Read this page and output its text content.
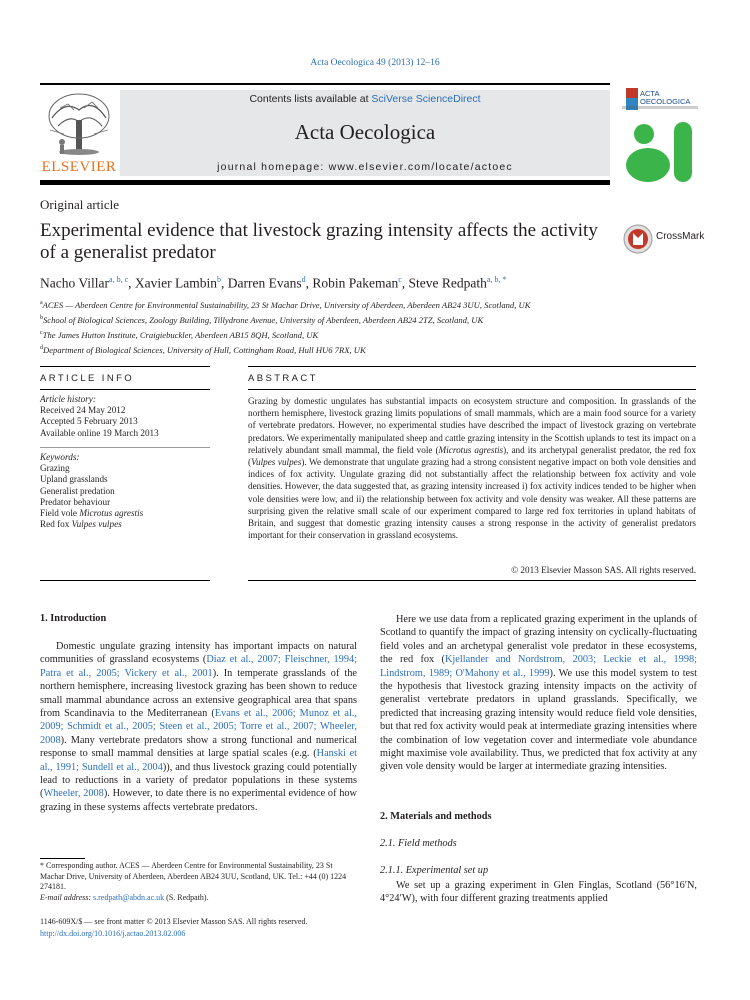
Acta Oecologica 49 (2013) 12–16
ELSEVIER
Contents lists available at SciVerse ScienceDirect
Acta Oecologica
journal homepage: www.elsevier.com/locate/actoec
ACTA
OECOLOGICA
Original article
Experimental evidence that livestock grazing intensity affects the activity of a generalist predator
CrossMark
Nacho Villar$^{a, b, c}$, Xavier Lambin$^b$, Darren Evans$^d$, Robin Pakeman$^c$, Steve Redpath$^{a, b, *}$
$^a$ACES — Aberdeen Centre for Environmental Sustainability, 23 St Machar Drive, University of Aberdeen, Aberdeen AB24 3UU, Scotland, UK
$^b$School of Biological Sciences, Zoology Building, Tillydrone Avenue, University of Aberdeen, Aberdeen AB24 2TZ, Scotland, UK
$^c$The James Hutton Institute, Craigiebuckler, Aberdeen AB15 8QH, Scotland, UK
$^d$Department of Biological Sciences, University of Hull, Cottingham Road, Hull HU6 7RX, UK
ARTICLE INFO	ABSTRACT
Article history:
Received 24 May 2012
Accepted 5 February 2013
Available online 19 March 2013
Keywords:
Grazing
Upland grasslands
Generalist predation
Predator behaviour
Field vole Microtus agrestis
Red fox Vulpes vulpes
Grazing by domestic ungulates has substantial impacts on ecosystem structure and composition. In grasslands of the northern hemisphere, livestock grazing limits populations of small mammals, which are a main food source for a variety of vertebrate predators. However, no experimental studies have described the impact of livestock grazing on vertebrate predators. We experimentally manipulated sheep and cattle grazing intensity in the Scottish uplands to test its impact on a relatively abundant small mammal, the field vole (Microtus agrestis), and its archetypal generalist predator, the red fox (Vulpes vulpes). We demonstrate that ungulate grazing had a strong consistent negative impact on both vole densities and indices of fox activity. Ungulate grazing did not substantially affect the relationship between fox activity and vole densities. However, the data suggested that, as grazing intensity increased i) fox activity indices tended to be higher when vole densities were low, and ii) the relationship between fox activity and vole density was weaker. All these patterns are surprising given the relative small scale of our experiment compared to large red fox territories in upland habitats of Britain, and suggest that domestic grazing intensity causes a strong response in the activity of generalist predators important for their conservation in grassland ecosystems.
© 2013 Elsevier Masson SAS. All rights reserved.
1. Introduction

Domestic ungulate grazing intensity has important impacts on natural communities of grassland ecosystems (Diaz et al., 2007; Fleischner, 1994; Patra et al., 2005; Vickery et al., 2001). In temperate grasslands of the northern hemisphere, increasing livestock grazing has been shown to reduce small mammal abundance across an extensive geographical area that spans from Scandinavia to the Mediterranean (Evans et al., 2006; Munoz et al., 2009; Schmidt et al., 2005; Steen et al., 2005; Torre et al., 2007; Wheeler, 2008). Many vertebrate predators show a strong functional and numerical response to small mammal densities at large spatial scales (e.g. (Hanski et al., 1991; Sundell et al., 2004)), and thus livestock grazing could potentially lead to reductions in a variety of predator populations in these systems (Wheeler, 2008). However, to date there is no experimental evidence of how grazing in these systems affects vertebrate predators.

* Corresponding author. ACES — Aberdeen Centre for Environmental Sustainability, 23 St Machar Drive, University of Aberdeen, Aberdeen AB24 3UU, Scotland, UK. Tel.: +44 (0) 1224 274181.
E-mail address: s.redpath@abdn.ac.uk (S. Redpath).
1146-609X/$ — see front matter © 2013 Elsevier Masson SAS. All rights reserved.
http://dx.doi.org/10.1016/j.actao.2013.02.006

Here we use data from a replicated grazing experiment in the uplands of Scotland to quantify the impact of grazing intensity on cyclically-fluctuating field voles and an archetypal generalist vole predator in these ecosystems, the red fox (Kjellander and Nordstrom, 2003; Leckie et al., 1998; Lindstrom, 1989; O'Mahony et al., 1999). We use this model system to test the hypothesis that livestock grazing intensity impacts on the activity of generalist vertebrate predators in upland grasslands. Specifically, we predicted that increasing grazing intensity would reduce field vole densities, but that red fox activity would peak at intermediate grazing intensities where the combination of low vegetation cover and intermediate vole abundance might maximise vole availability. Thus, we predicted that fox activity at any given vole density would be larger at intermediate grazing intensities.

2. Materials and methods
2.1. Field methods
2.1.1. Experimental set up

We set up a grazing experiment in Glen Finglas, Scotland (56°16′N, 4°24′W), with four different grazing treatments applied
